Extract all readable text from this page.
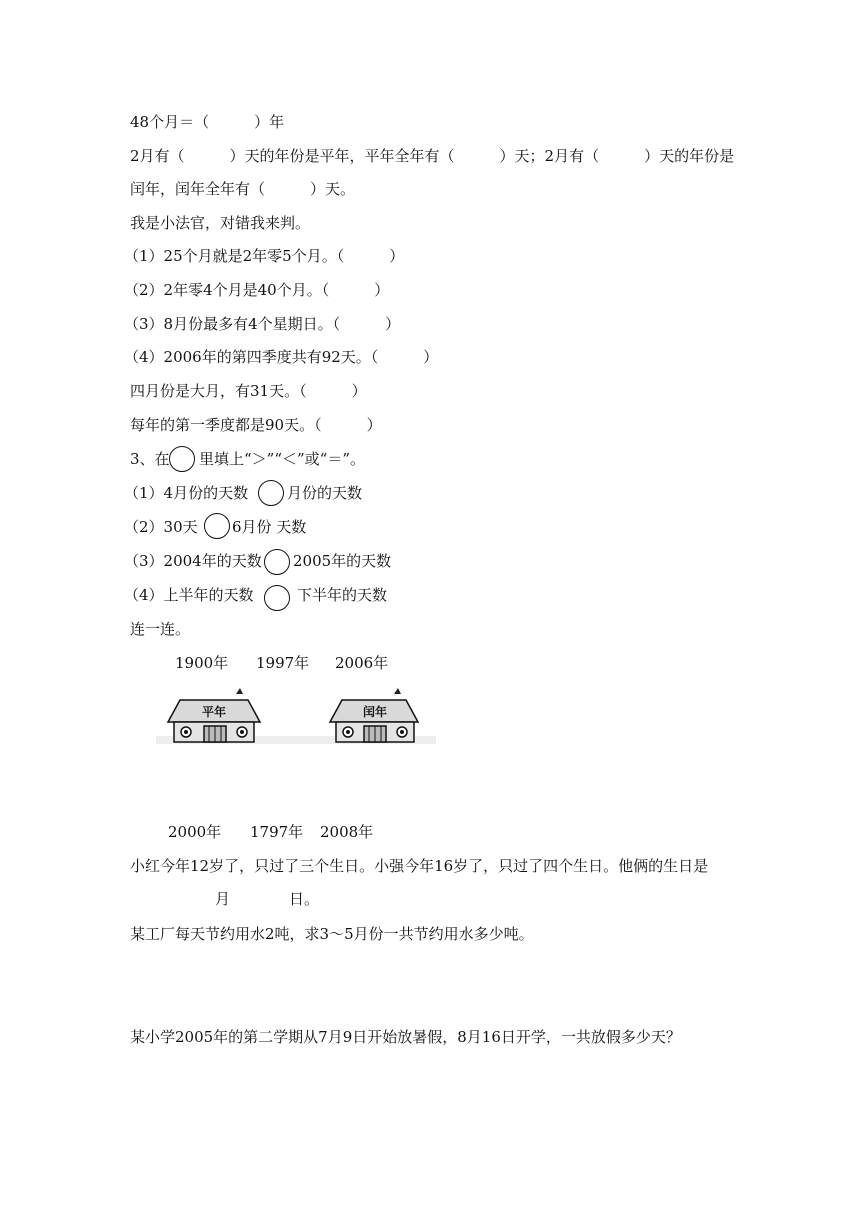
48个月＝（　　　）年
2月有（　　　）天的年份是平年，平年全年有（　　　）天；2月有（　　　）天的年份是
闰年，闰年全年有（　　　）天。
我是小法官，对错我来判。
（1）25个月就是2年零5个月。（　　　）
（2）2年零4个月是40个月。（　　　）
（3）8月份最多有4个星期日。（　　　）
（4）2006年的第四季度共有92天。（　　　）
四月份是大月，有31天。（　　　）
每年的第一季度都是90天。（　　　）
3、在 里填上“＞”“＜”或“＝”。
（1）4月份的天数	月份的天数
（2）30天 6月份 天数
（3）2004年的天数 2005年的天数
（4）上半年的天数	下半年的天数
连一连。
1900年 1997年 2006年
平年	闰年
2000年 1797年 2008年
小红今年12岁了，只过了三个生日。小强今年16岁了，只过了四个生日。他俩的生日是
月	日。
某工厂每天节约用水2吨，求3～5月份一共节约用水多少吨。
某小学2005年的第二学期从7月9日开始放暑假，8月16日开学，一共放假多少天？
